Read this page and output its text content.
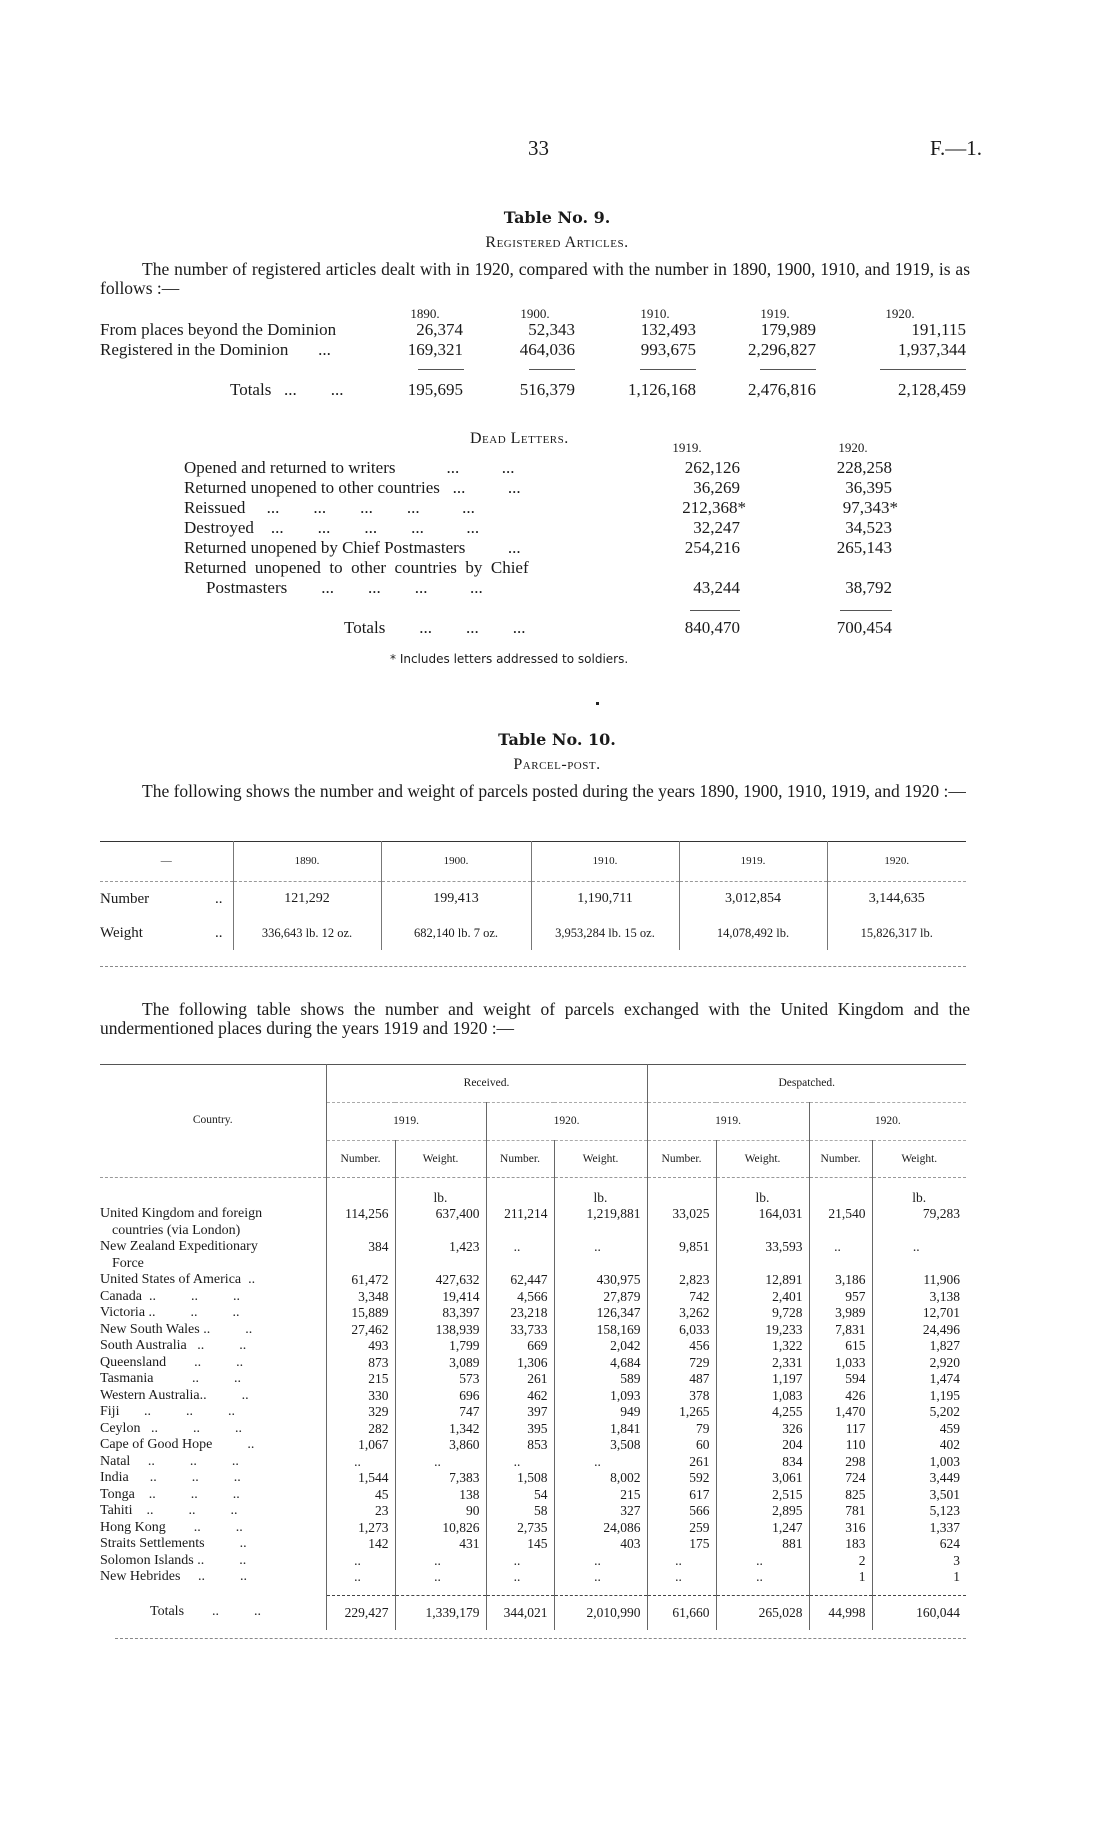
33	F.—1.
Table No. 9.
Registered Articles.
The number of registered articles dealt with in 1920, compared with the number in 1890, 1900, 1910, and 1919, is as follows :—
1890.	1900.	1910.	1919.	1920.
From places beyond the Dominion	26,374	52,343	132,493	179,989	191,115
Registered in the Dominion       ...	169,321	464,036	993,675	2,296,827	1,937,344
Totals   ...        ...	195,695	516,379	1,126,168	2,476,816	2,128,459
Dead Letters.
1919.	1920.
Opened and returned to writers            ...          ...	262,126	228,258
Returned unopened to other countries   ...          ...	36,269	36,395
Reissued     ...        ...        ...        ...          ...	212,368*	97,343*
Destroyed    ...        ...        ...        ...          ...	32,247	34,523
Returned unopened by Chief Postmasters          ...	254,216	265,143
Returned  unopened  to  other  countries  by  Chief
Postmasters        ...        ...        ...          ...	43,244	38,792
Totals        ...        ...        ...	840,470	700,454
* Includes letters addressed to soldiers.
Table No. 10.
Parcel-post.
The following shows the number and weight of parcels posted during the years 1890, 1900, 1910, 1919, and 1920 :—
—	1890.	1900.	1910.	1919.	1920.
Number ..	121,292	199,413	1,190,711	3,012,854	3,144,635
Weight ..	336,643 lb. 12 oz.	682,140 lb. 7 oz.	3,953,284 lb. 15 oz.	14,078,492 lb.	15,826,317 lb.
The following table shows the number and weight of parcels exchanged with the United Kingdom and the undermentioned places during the years 1919 and 1920 :—
Country.	Received.				Despatched.			
	1919.		1920.		1919.		1920.	
	Number.	Weight.	Number.	Weight.	Number.	Weight.	Number.	Weight.
		lb.		lb.		lb.		lb.
United Kingdom and foreign
countries (via London)	114,256	637,400	211,214	1,219,881	33,025	164,031	21,540	79,283
New Zealand Expeditionary
Force	384	1,423	..	..	9,851	33,593	..	..
United States of America  ..	61,472	427,632	62,447	430,975	2,823	12,891	3,186	11,906
Canada  ..          ..          ..	3,348	19,414	4,566	27,879	742	2,401	957	3,138
Victoria ..          ..          ..	15,889	83,397	23,218	126,347	3,262	9,728	3,989	12,701
New South Wales ..          ..	27,462	138,939	33,733	158,169	6,033	19,233	7,831	24,496
South Australia   ..          ..	493	1,799	669	2,042	456	1,322	615	1,827
Queensland        ..          ..	873	3,089	1,306	4,684	729	2,331	1,033	2,920
Tasmania           ..          ..	215	573	261	589	487	1,197	594	1,474
Western Australia..          ..	330	696	462	1,093	378	1,083	426	1,195
Fiji       ..          ..          ..	329	747	397	949	1,265	4,255	1,470	5,202
Ceylon   ..          ..          ..	282	1,342	395	1,841	79	326	117	459
Cape of Good Hope          ..	1,067	3,860	853	3,508	60	204	110	402
Natal     ..          ..          ..	..	..	..	..	261	834	298	1,003
India      ..          ..          ..	1,544	7,383	1,508	8,002	592	3,061	724	3,449
Tonga    ..          ..          ..	45	138	54	215	617	2,515	825	3,501
Tahiti    ..          ..          ..	23	90	58	327	566	2,895	781	5,123
Hong Kong        ..          ..	1,273	10,826	2,735	24,086	259	1,247	316	1,337
Straits Settlements          ..	142	431	145	403	175	881	183	624
Solomon Islands ..          ..	..	..	..	..	..	..	2	3
New Hebrides     ..          ..	..	..	..	..	..	..	1	1

Totals        ..          ..	229,427	1,339,179	344,021	2,010,990	61,660	265,028	44,998	160,044
